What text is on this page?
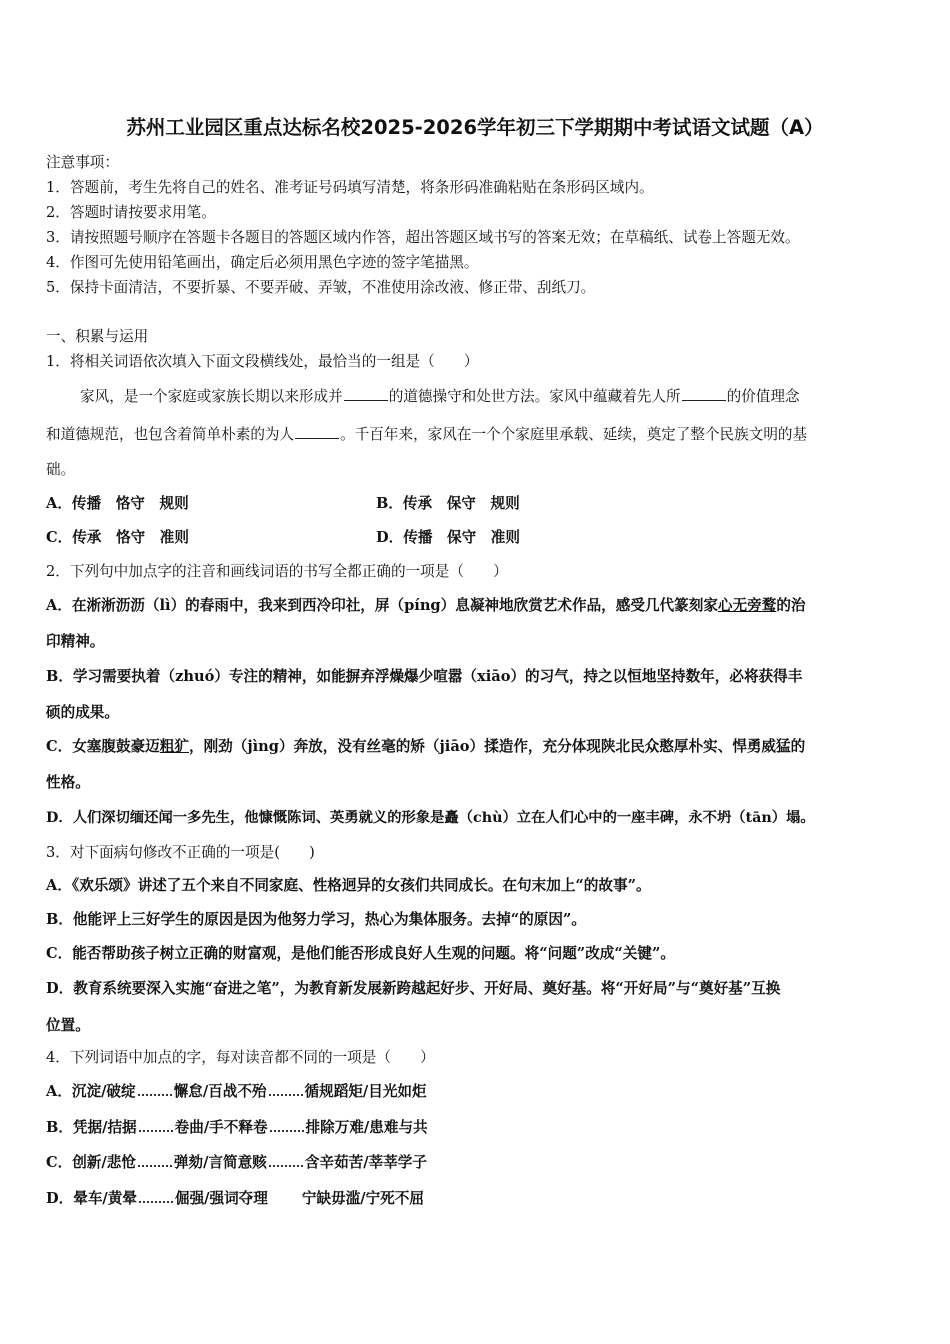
苏州工业园区重点达标名校2025-2026学年初三下学期期中考试语文试题（A）
注意事项：
1．答题前，考生先将自己的姓名、准考证号码填写清楚，将条形码准确粘贴在条形码区域内。
2．答题时请按要求用笔。
3．请按照题号顺序在答题卡各题目的答题区域内作答，超出答题区域书写的答案无效；在草稿纸、试卷上答题无效。
4．作图可先使用铅笔画出，确定后必须用黑色字迹的签字笔描黑。
5．保持卡面清洁，不要折暴、不要弄破、弄皱，不准使用涂改液、修正带、刮纸刀。
一、积累与运用
1．将相关词语依次填入下面文段横线处，最恰当的一组是（　　）
家风，是一个家庭或家族长期以来形成并	的道德操守和处世方法。家风中蕴藏着先人所	的价值理念
和道德规范，也包含着简单朴素的为人	。千百年来，家风在一个个家庭里承载、延续，奠定了整个民族文明的基
础。
A．传播　恪守　规则	B．传承　保守　规则
C．传承　恪守　准则	D．传播　保守　准则
2．下列句中加点字的注音和画线词语的书写全都正确的一项是（　　）
A．在淅淅沥沥（lì）的春雨中，我来到西冷印社，屏（píng）息凝神地欣赏艺术作品，感受几代篆刻家心无旁鹜的治
印精神。
B．学习需要执着（zhuó）专注的精神，如能摒弃浮燥爆少喧嚣（xiāo）的习气，持之以恒地坚持数年，必将获得丰
硕的成果。
C．女塞腹鼓豪迈粗犷，刚劲（jìng）奔放，没有丝毫的矫（jiāo）揉造作，充分体现陕北民众憨厚朴实、悍勇威猛的
性格。
D．人们深切缅还闻一多先生，他慷慨陈词、英勇就义的形象是矗（chù）立在人们心中的一座丰碑，永不坍（tān）塌。
3．对下面病句修改不正确的一项是(　　)
A．《欢乐颂》讲述了五个来自不同家庭、性格迥异的女孩们共同成长。在句末加上“的故事”。
B．他能评上三好学生的原因是因为他努力学习，热心为集体服务。去掉“的原因”。
C．能否帮助孩子树立正确的财富观，是他们能否形成良好人生观的问题。将“问题”改成“关键”。
D．教育系统要深入实施“奋进之笔”，为教育新发展新跨越起好步、开好局、奠好基。将“开好局”与“奠好基”互换
位置。
4．下列词语中加点的字，每对读音都不同的一项是（　　）
A．沉淀/破绽	懈怠/百战不殆	循规蹈矩/目光如炬
B．凭据/拮据	卷曲/手不释卷	排除万难/患难与共
C．创新/悲怆	弹劾/言简意赅	含辛茹苦/莘莘学子
D．晕车/黄晕	倔强/强词夺理 宁缺毋滥/宁死不屈
